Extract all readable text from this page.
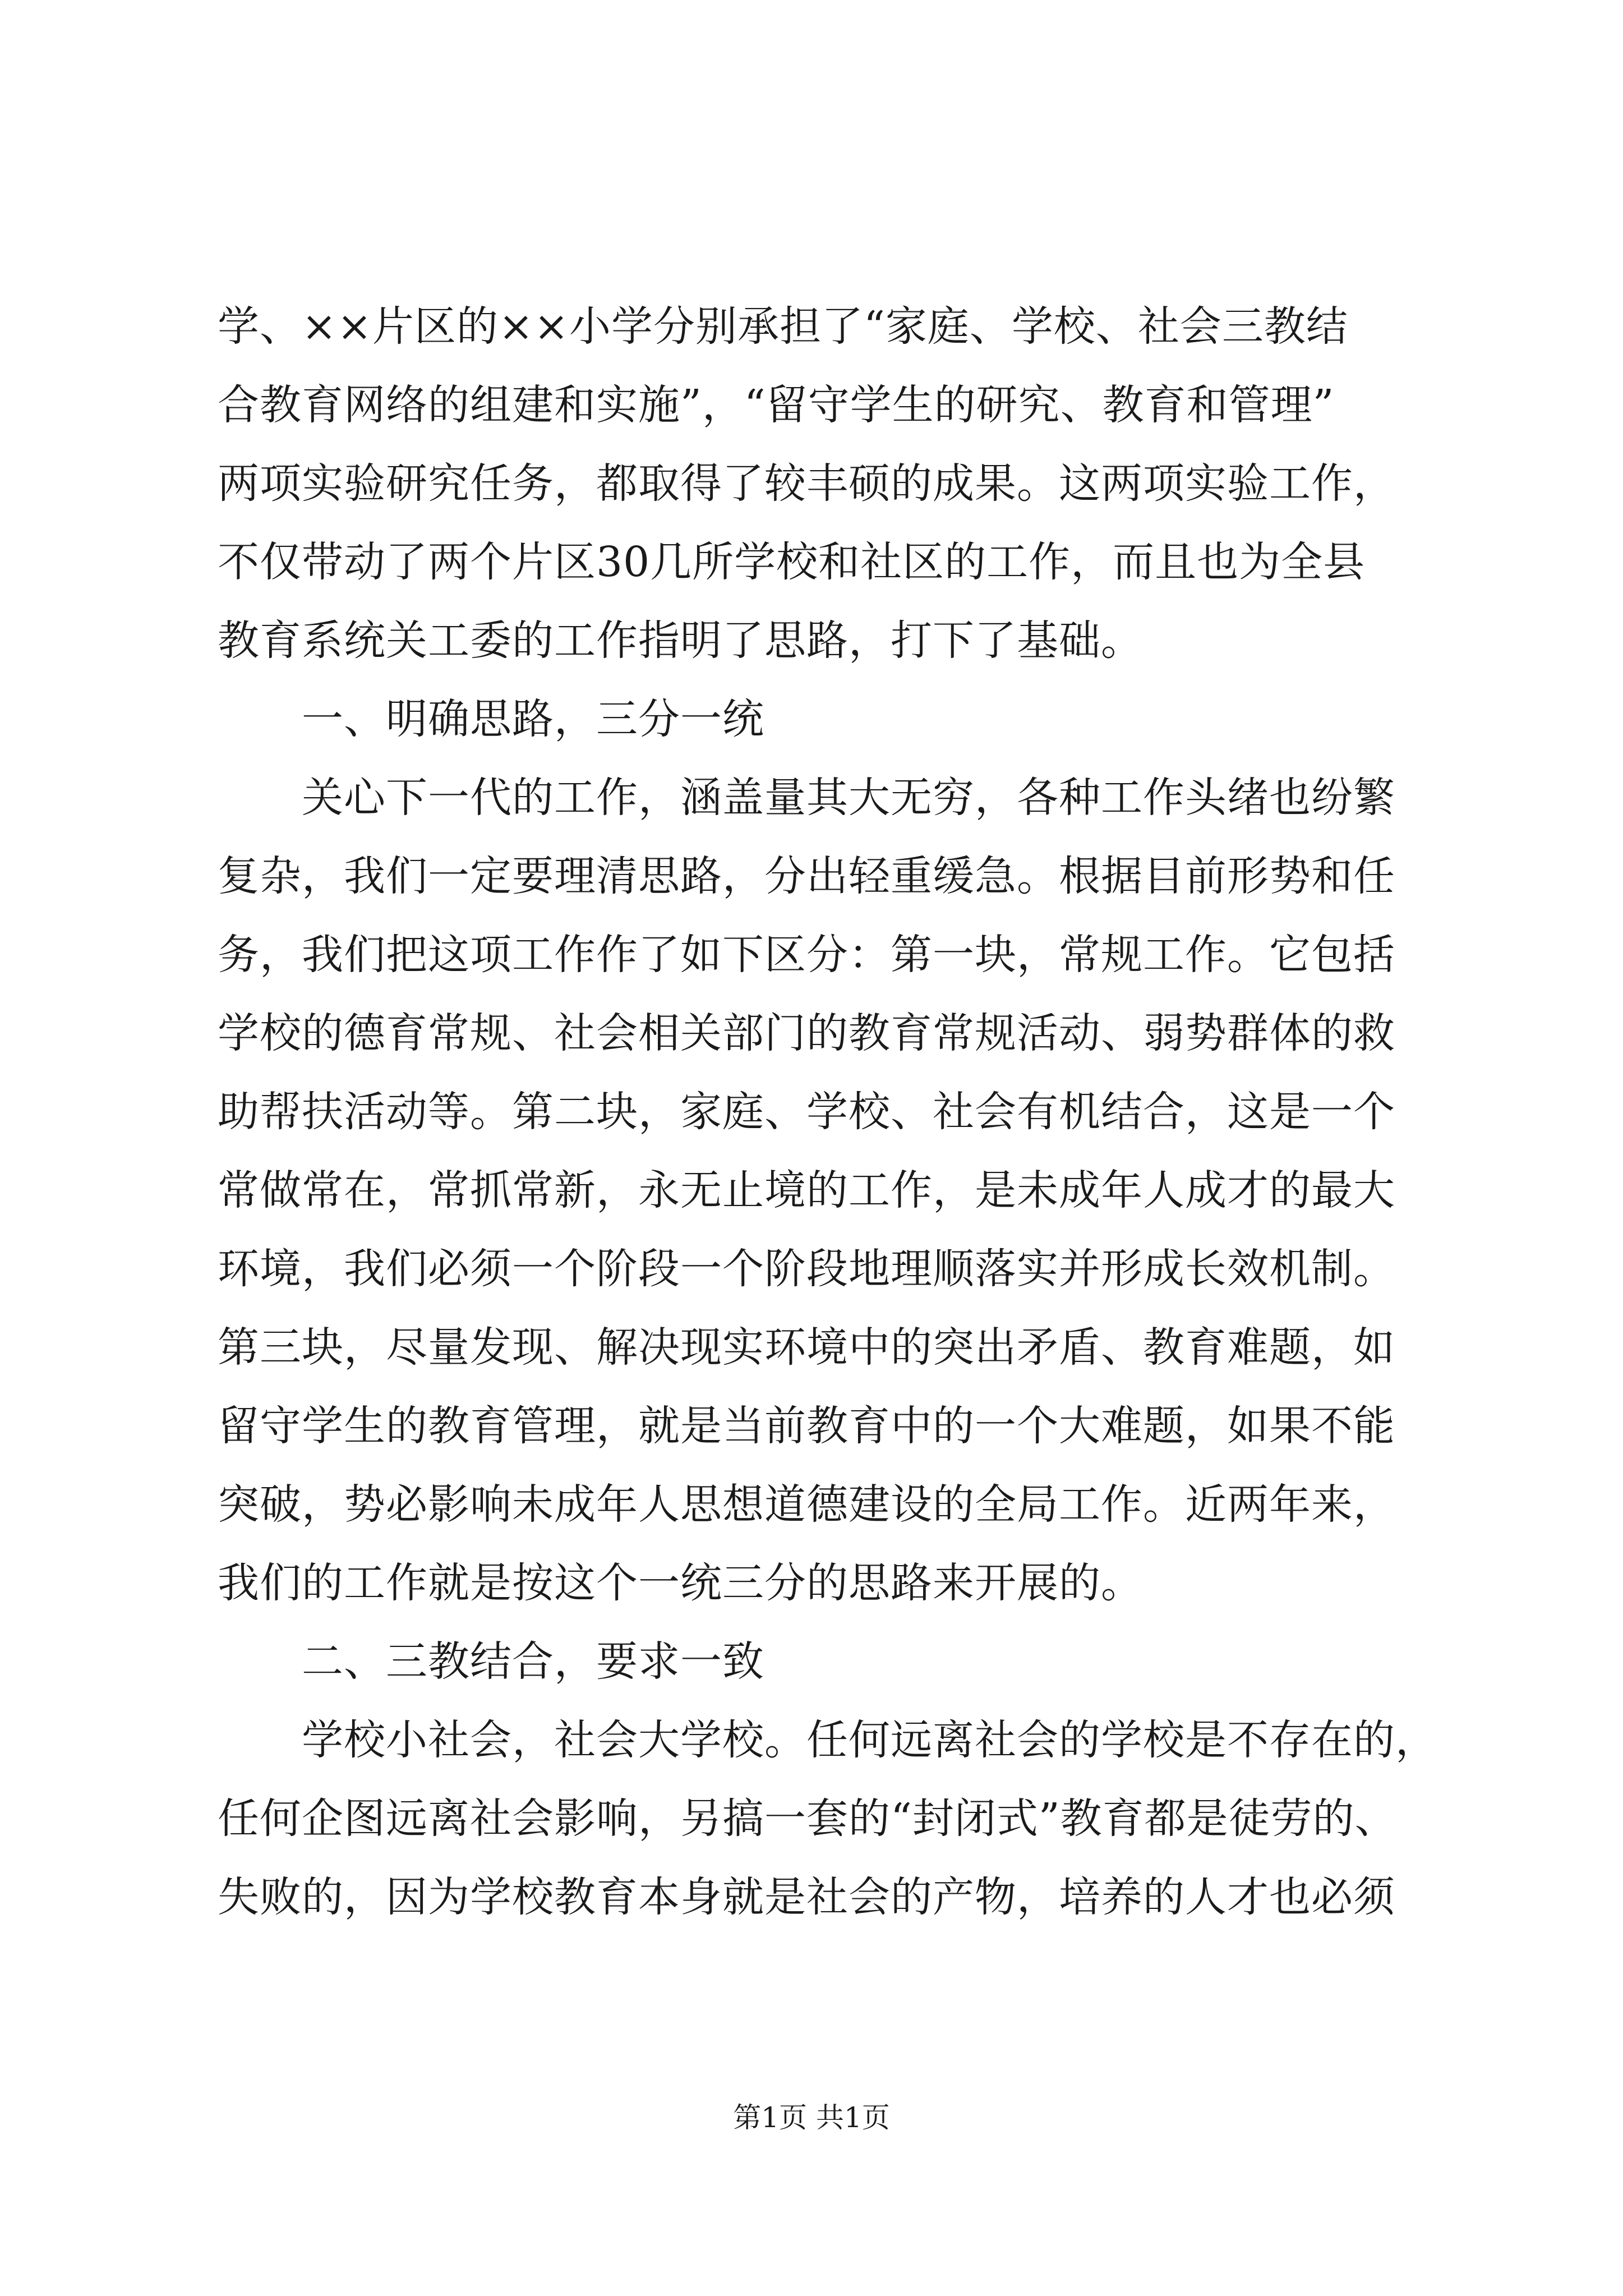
学、××片区的××小学分别承担了“家庭、学校、社会三教结
合教育网络的组建和实施”，“留守学生的研究、教育和管理”
两项实验研究任务，都取得了较丰硕的成果。这两项实验工作，
不仅带动了两个片区30几所学校和社区的工作，而且也为全县
教育系统关工委的工作指明了思路，打下了基础。
一、明确思路，三分一统
关心下一代的工作，涵盖量其大无穷，各种工作头绪也纷繁
复杂，我们一定要理清思路，分出轻重缓急。根据目前形势和任
务，我们把这项工作作了如下区分：第一块，常规工作。它包括
学校的德育常规、社会相关部门的教育常规活动、弱势群体的救
助帮扶活动等。第二块，家庭、学校、社会有机结合，这是一个
常做常在，常抓常新，永无止境的工作，是未成年人成才的最大
环境，我们必须一个阶段一个阶段地理顺落实并形成长效机制。
第三块，尽量发现、解决现实环境中的突出矛盾、教育难题，如
留守学生的教育管理，就是当前教育中的一个大难题，如果不能
突破，势必影响未成年人思想道德建设的全局工作。近两年来，
我们的工作就是按这个一统三分的思路来开展的。
二、三教结合，要求一致
学校小社会，社会大学校。任何远离社会的学校是不存在的，
任何企图远离社会影响，另搞一套的“封闭式”教育都是徒劳的、
失败的，因为学校教育本身就是社会的产物，培养的人才也必须
第1页 共1页
